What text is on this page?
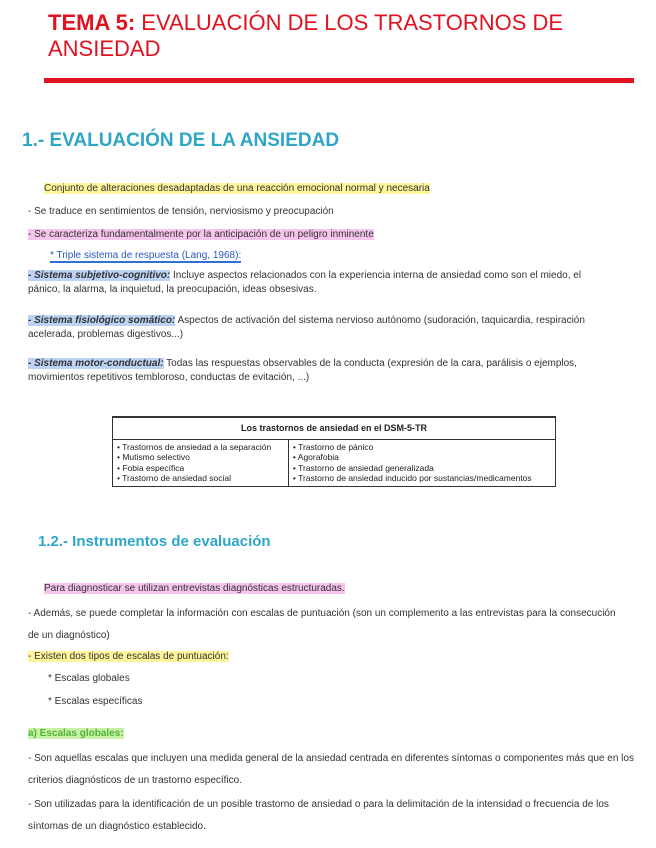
TEMA 5: EVALUACIÓN DE LOS TRASTORNOS DE ANSIEDAD
1.- EVALUACIÓN DE LA ANSIEDAD
Conjunto de alteraciones desadaptadas de una reacción emocional normal y necesaria
- Se traduce en sentimientos de tensión, nerviosismo y preocupación
- Se caracteriza fundamentalmente por la anticipación de un peligro inminente
* Triple sistema de respuesta (Lang, 1968):
- Sistema subjetivo-cognitivo: Incluye aspectos relacionados con la experiencia interna de ansiedad como son el miedo, el pánico, la alarma, la inquietud, la preocupación, ideas obsesivas.
- Sistema fisiológico somático: Aspectos de activación del sistema nervioso autónomo (sudoración, taquicardia, respiración acelerada, problemas digestivos...)
- Sistema motor-conductual: Todas las respuestas observables de la conducta (expresión de la cara, parálisis o ejemplos, movimientos repetitivos tembloroso, conductas de evitación, ...)
Los trastornos de ansiedad en el DSM-5-TR

• Trastornos de ansiedad a la separación
• Mutismo selectivo
• Fobia específica
• Trastorno de ansiedad social

• Trastorno de pánico
• Agorafobia
• Trastorno de ansiedad generalizada
• Trastorno de ansiedad inducido por sustancias/medicamentos
1.2.- Instrumentos de evaluación
Para diagnosticar se utilizan entrevistas diagnósticas estructuradas.
- Además, se puede completar la información con escalas de puntuación (son un complemento a las entrevistas para la consecución de un diagnóstico)
- Existen dos tipos de escalas de puntuación:
* Escalas globales
* Escalas específicas
a) Escalas globales:
- Son aquellas escalas que incluyen una medida general de la ansiedad centrada en diferentes síntomas o componentes más que en los criterios diagnósticos de un trastorno específico.
- Son utilizadas para la identificación de un posible trastorno de ansiedad o para la delimitación de la intensidad o frecuencia de los síntomas de un diagnóstico establecido.
